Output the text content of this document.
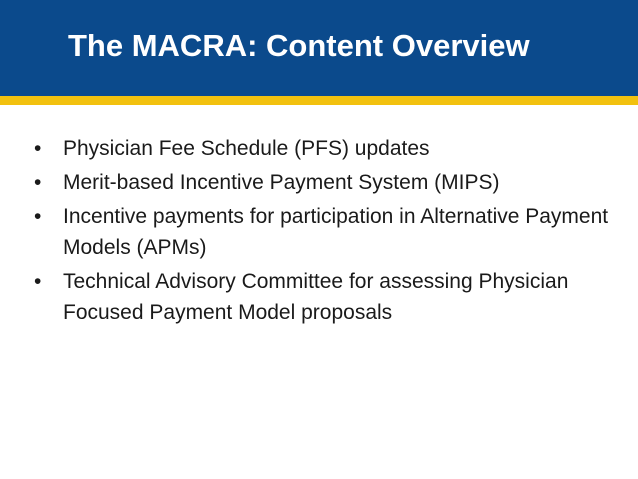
The MACRA: Content Overview
• Physician Fee Schedule (PFS) updates
• Merit-based Incentive Payment System (MIPS)
• Incentive payments for participation in Alternative Payment Models (APMs)
• Technical Advisory Committee for assessing Physician Focused Payment Model proposals
